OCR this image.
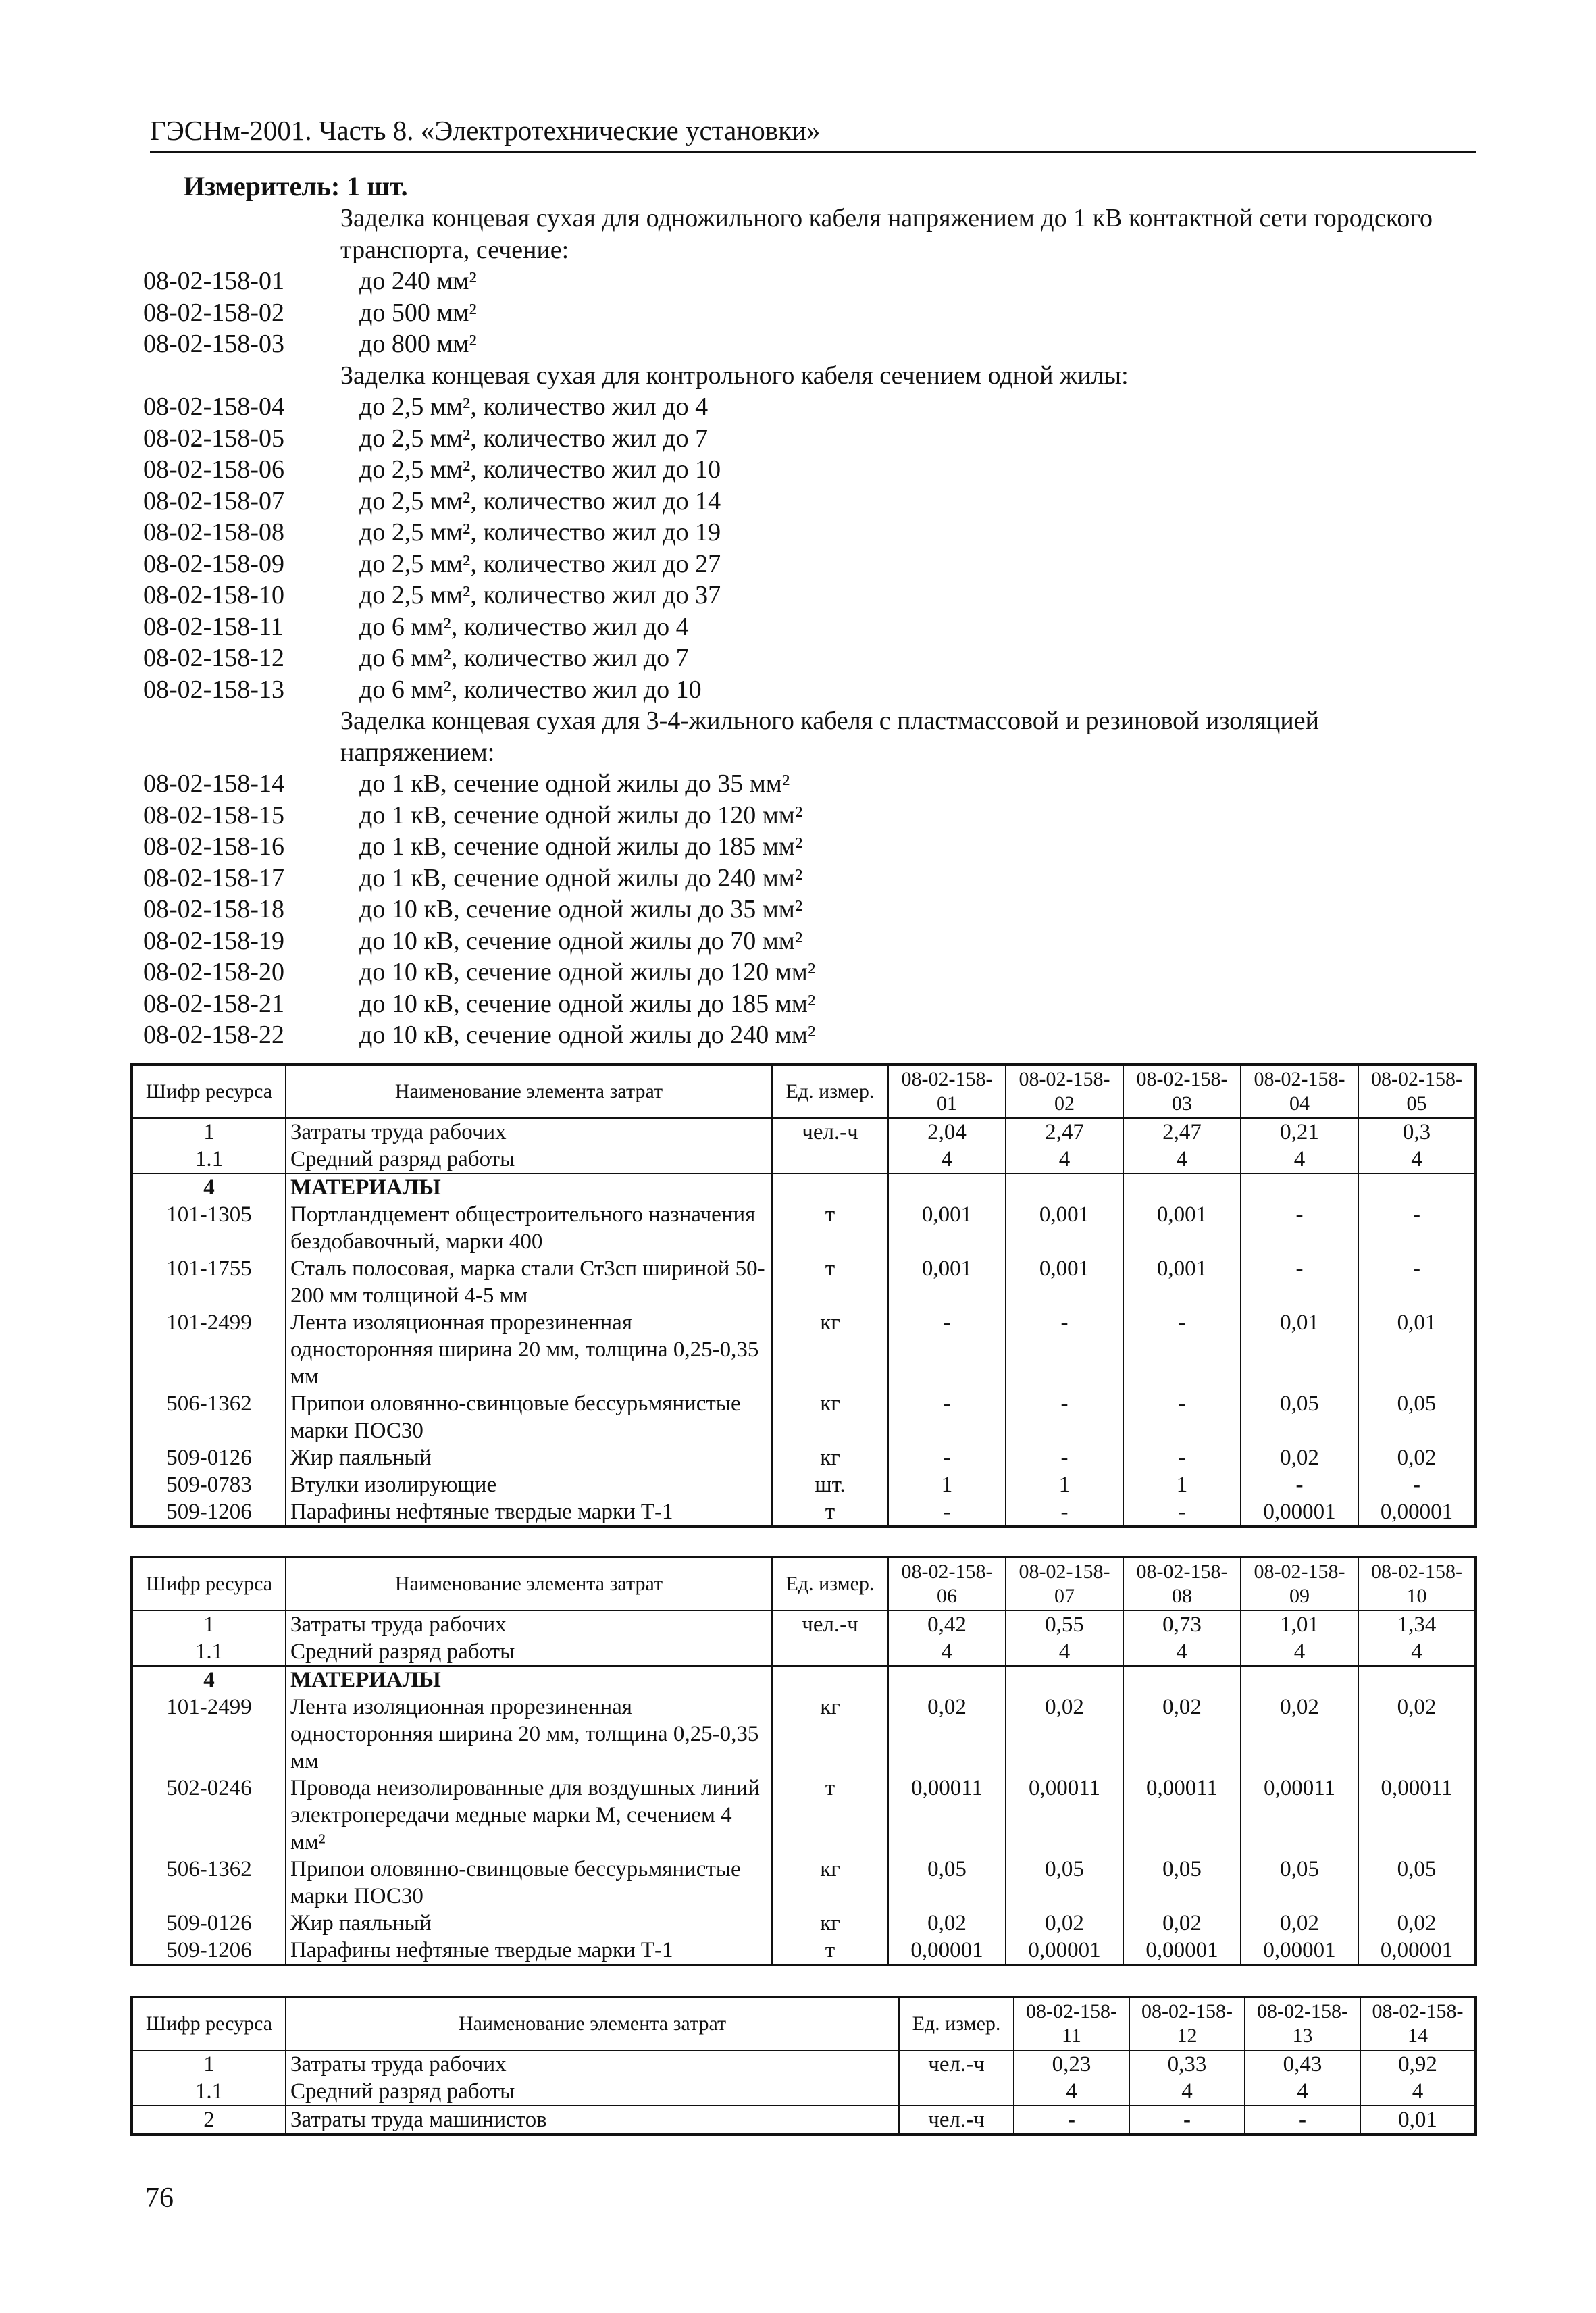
ГЭСНм-2001. Часть 8. «Электротехнические установки»
Измеритель: 1 шт.
Заделка концевая сухая для одножильного кабеля напряжением до 1 кВ контактной сети городского транспорта, сечение:
08-02-158-01	до 240 мм²
08-02-158-02	до 500 мм²
08-02-158-03	до 800 мм²
Заделка концевая сухая для контрольного кабеля сечением одной жилы:
08-02-158-04	до 2,5 мм², количество жил до 4
08-02-158-05	до 2,5 мм², количество жил до 7
08-02-158-06	до 2,5 мм², количество жил до 10
08-02-158-07	до 2,5 мм², количество жил до 14
08-02-158-08	до 2,5 мм², количество жил до 19
08-02-158-09	до 2,5 мм², количество жил до 27
08-02-158-10	до 2,5 мм², количество жил до 37
08-02-158-11	до 6 мм², количество жил до 4
08-02-158-12	до 6 мм², количество жил до 7
08-02-158-13	до 6 мм², количество жил до 10
Заделка концевая сухая для 3-4-жильного кабеля с пластмассовой и резиновой изоляцией напряжением:
08-02-158-14	до 1 кВ, сечение одной жилы до 35 мм²
08-02-158-15	до 1 кВ, сечение одной жилы до 120 мм²
08-02-158-16	до 1 кВ, сечение одной жилы до 185 мм²
08-02-158-17	до 1 кВ, сечение одной жилы до 240 мм²
08-02-158-18	до 10 кВ, сечение одной жилы до 35 мм²
08-02-158-19	до 10 кВ, сечение одной жилы до 70 мм²
08-02-158-20	до 10 кВ, сечение одной жилы до 120 мм²
08-02-158-21	до 10 кВ, сечение одной жилы до 185 мм²
08-02-158-22	до 10 кВ, сечение одной жилы до 240 мм²
Шифр ресурса	Наименование элемента затрат	Ед. измер.	08-02-158-01	08-02-158-02	08-02-158-03	08-02-158-04	08-02-158-05
1	Затраты труда рабочих	чел.-ч	2,04	2,47	2,47	0,21	0,3
1.1	Средний разряд работы		4	4	4	4	4
4	МАТЕРИАЛЫ						
101-1305	Портландцемент общестроительного назначения бездобавочный, марки 400	т	0,001	0,001	0,001	-	-
101-1755	Сталь полосовая, марка стали Ст3сп шириной 50-200 мм толщиной 4-5 мм	т	0,001	0,001	0,001	-	-
101-2499	Лента изоляционная прорезиненная односторонняя ширина 20 мм, толщина 0,25-0,35 мм	кг	-	-	-	0,01	0,01
506-1362	Припои оловянно-свинцовые бессурьмянистые марки ПОС30	кг	-	-	-	0,05	0,05
509-0126	Жир паяльный	кг	-	-	-	0,02	0,02
509-0783	Втулки изолирующие	шт.	1	1	1	-	-
509-1206	Парафины нефтяные твердые марки Т-1	т	-	-	-	0,00001	0,00001
Шифр ресурса	Наименование элемента затрат	Ед. измер.	08-02-158-06	08-02-158-07	08-02-158-08	08-02-158-09	08-02-158-10
1	Затраты труда рабочих	чел.-ч	0,42	0,55	0,73	1,01	1,34
1.1	Средний разряд работы		4	4	4	4	4
4	МАТЕРИАЛЫ						
101-2499	Лента изоляционная прорезиненная односторонняя ширина 20 мм, толщина 0,25-0,35 мм	кг	0,02	0,02	0,02	0,02	0,02
502-0246	Провода неизолированные для воздушных линий электропередачи медные марки М, сечением 4 мм²	т	0,00011	0,00011	0,00011	0,00011	0,00011
506-1362	Припои оловянно-свинцовые бессурьмянистые марки ПОС30	кг	0,05	0,05	0,05	0,05	0,05
509-0126	Жир паяльный	кг	0,02	0,02	0,02	0,02	0,02
509-1206	Парафины нефтяные твердые марки Т-1	т	0,00001	0,00001	0,00001	0,00001	0,00001
Шифр ресурса	Наименование элемента затрат	Ед. измер.	08-02-158-11	08-02-158-12	08-02-158-13	08-02-158-14
1	Затраты труда рабочих	чел.-ч	0,23	0,33	0,43	0,92
1.1	Средний разряд работы		4	4	4	4
2	Затраты труда машинистов	чел.-ч	-	-	-	0,01
76
